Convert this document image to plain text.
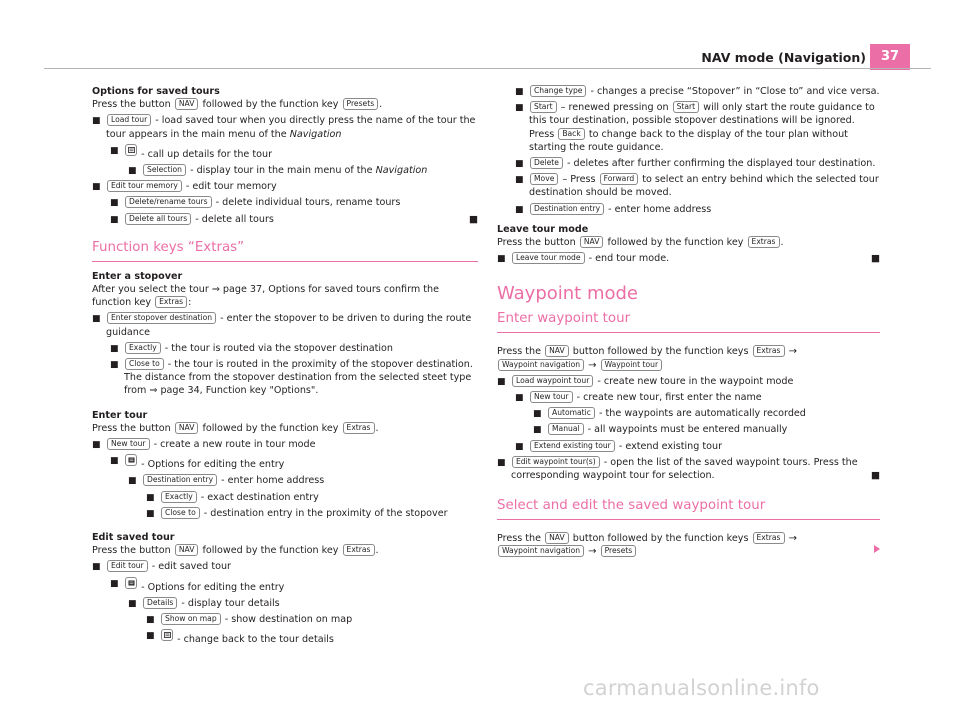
NAV mode (Navigation)	37

Options for saved tours

Press the button NAV followed by the function key Presets .

■ Load tour - load saved tour when you directly press the name of the tour the tour appears in the main menu of the Navigation
■ - call up details for the tour
■ Selection - display tour in the main menu of the Navigation
■ Edit tour memory - edit tour memory
■ Delete/rename tours - delete individual tours, rename tours
■ Delete all tours - delete all tours	■
Function keys “Extras”

Enter a stopover

After you select the tour ⇒ page 37, Options for saved tours confirm the function key Extras :

■ Enter stopover destination - enter the stopover to be driven to during the route guidance
■ Exactly - the tour is routed via the stopover destination
■ Close to - the tour is routed in the proximity of the stopover destination. The distance from the stopover destination from the selected steet type from ⇒ page 34, Function key "Options".

Enter tour

Press the button NAV followed by the function key Extras .

■ New tour - create a new route in tour mode
■ - Options for editing the entry
■ Destination entry - enter home address
■ Exactly - exact destination entry
■ Close to - destination entry in the proximity of the stopover

Edit saved tour

Press the button NAV followed by the function key Extras .

■ Edit tour - edit saved tour
■ - Options for editing the entry
■ Details - display tour details
■ Show on map - show destination on map
■ - change back to the tour details
■ Change type - changes a precise “Stopover” in “Close to” and vice versa.
■ Start – renewed pressing on Start will only start the route guidance to this tour destination, possible stopover destinations will be ignored. Press Back to change back to the display of the tour plan without starting the route guidance.
■ Delete - deletes after further confirming the displayed tour destination.
■ Move – Press Forward to select an entry behind which the selected tour destination should be moved.
■ Destination entry - enter home address

Leave tour mode

Press the button NAV followed by the function key Extras .

■ Leave tour mode - end tour mode.	■
Waypoint mode
Enter waypoint tour

Press the NAV button followed by the function keys Extras → Waypoint navigation → Waypoint tour

■ Load waypoint tour - create new toure in the waypoint mode
■ New tour - create new tour, first enter the name
■ Automatic - the waypoints are automatically recorded
■ Manual - all waypoints must be entered manually
■ Extend existing tour - extend existing tour
■ Edit waypoint tour(s) - open the list of the saved waypoint tours. Press the corresponding waypoint tour for selection.	■
Select and edit the saved waypoint tour

Press the NAV button followed by the function keys Extras → Waypoint navigation → Presets

carmanualsonline.info
